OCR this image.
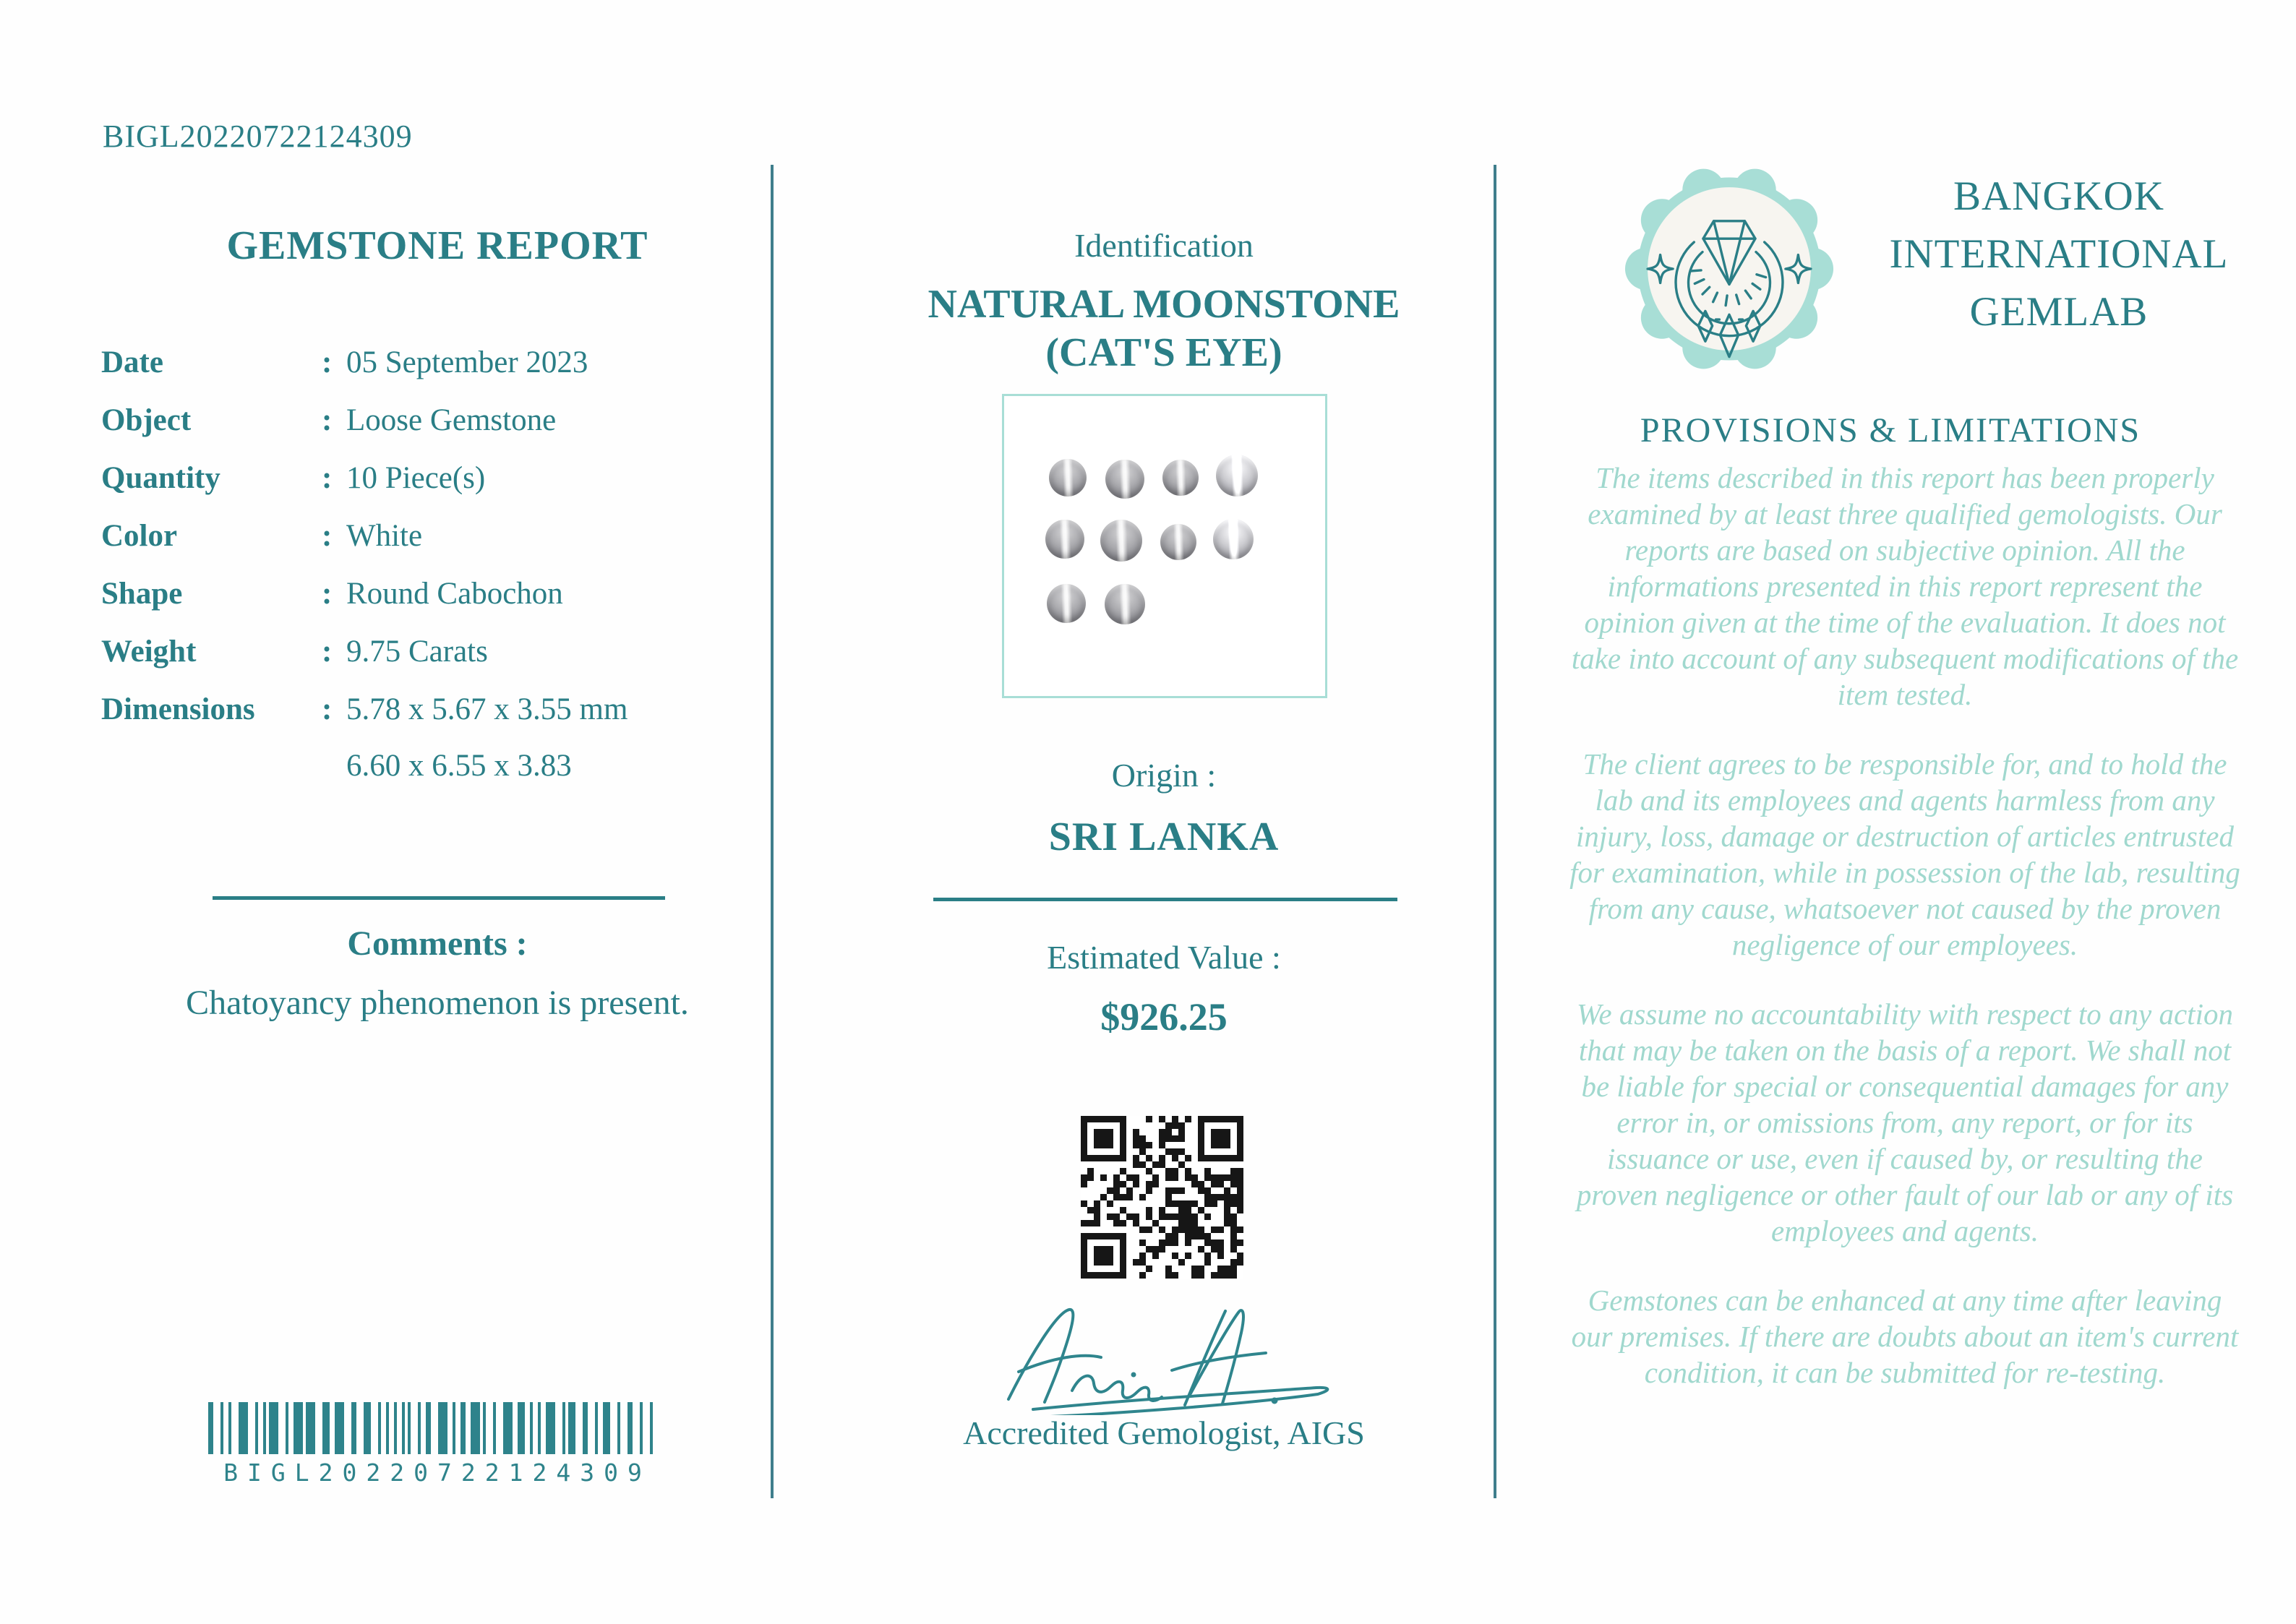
BIGL20220722124309
GEMSTONE REPORT
Date	: 05 September 2023
Object	: Loose Gemstone
Quantity	: 10 Piece(s)
Color	: White
Shape	: Round Cabochon
Weight	: 9.75 Carats
Dimensions	: 5.78 x 5.67 x 3.55 mm
6.60 x 6.55 x 3.83
Comments :
Chatoyancy phenomenon is present.
BIGL20220722124309
Identification
NATURAL MOONSTONE
(CAT'S EYE)
Origin :
SRI LANKA
Estimated Value :
$926.25
Accredited Gemologist, AIGS
BANGKOK
INTERNATIONAL
GEMLAB
PROVISIONS & LIMITATIONS

The items described in this report has been properly examined by at least three qualified gemologists. Our reports are based on subjective opinion. All the informations presented in this report represent the opinion given at the time of the evaluation. It does not take into account of any subsequent modifications of the item tested.

The client agrees to be responsible for, and to hold the lab and its employees and agents harmless from any injury, loss, damage or destruction of articles entrusted for examination, while in possession of the lab, resulting from any cause, whatsoever not caused by the proven negligence of our employees.

We assume no accountability with respect to any action that may be taken on the basis of a report. We shall not be liable for special or consequential damages for any error in, or omissions from, any report, or for its issuance or use, even if caused by, or resulting the proven negligence or other fault of our lab or any of its employees and agents.

Gemstones can be enhanced at any time after leaving our premises. If there are doubts about an item's current condition, it can be submitted for re-testing.
